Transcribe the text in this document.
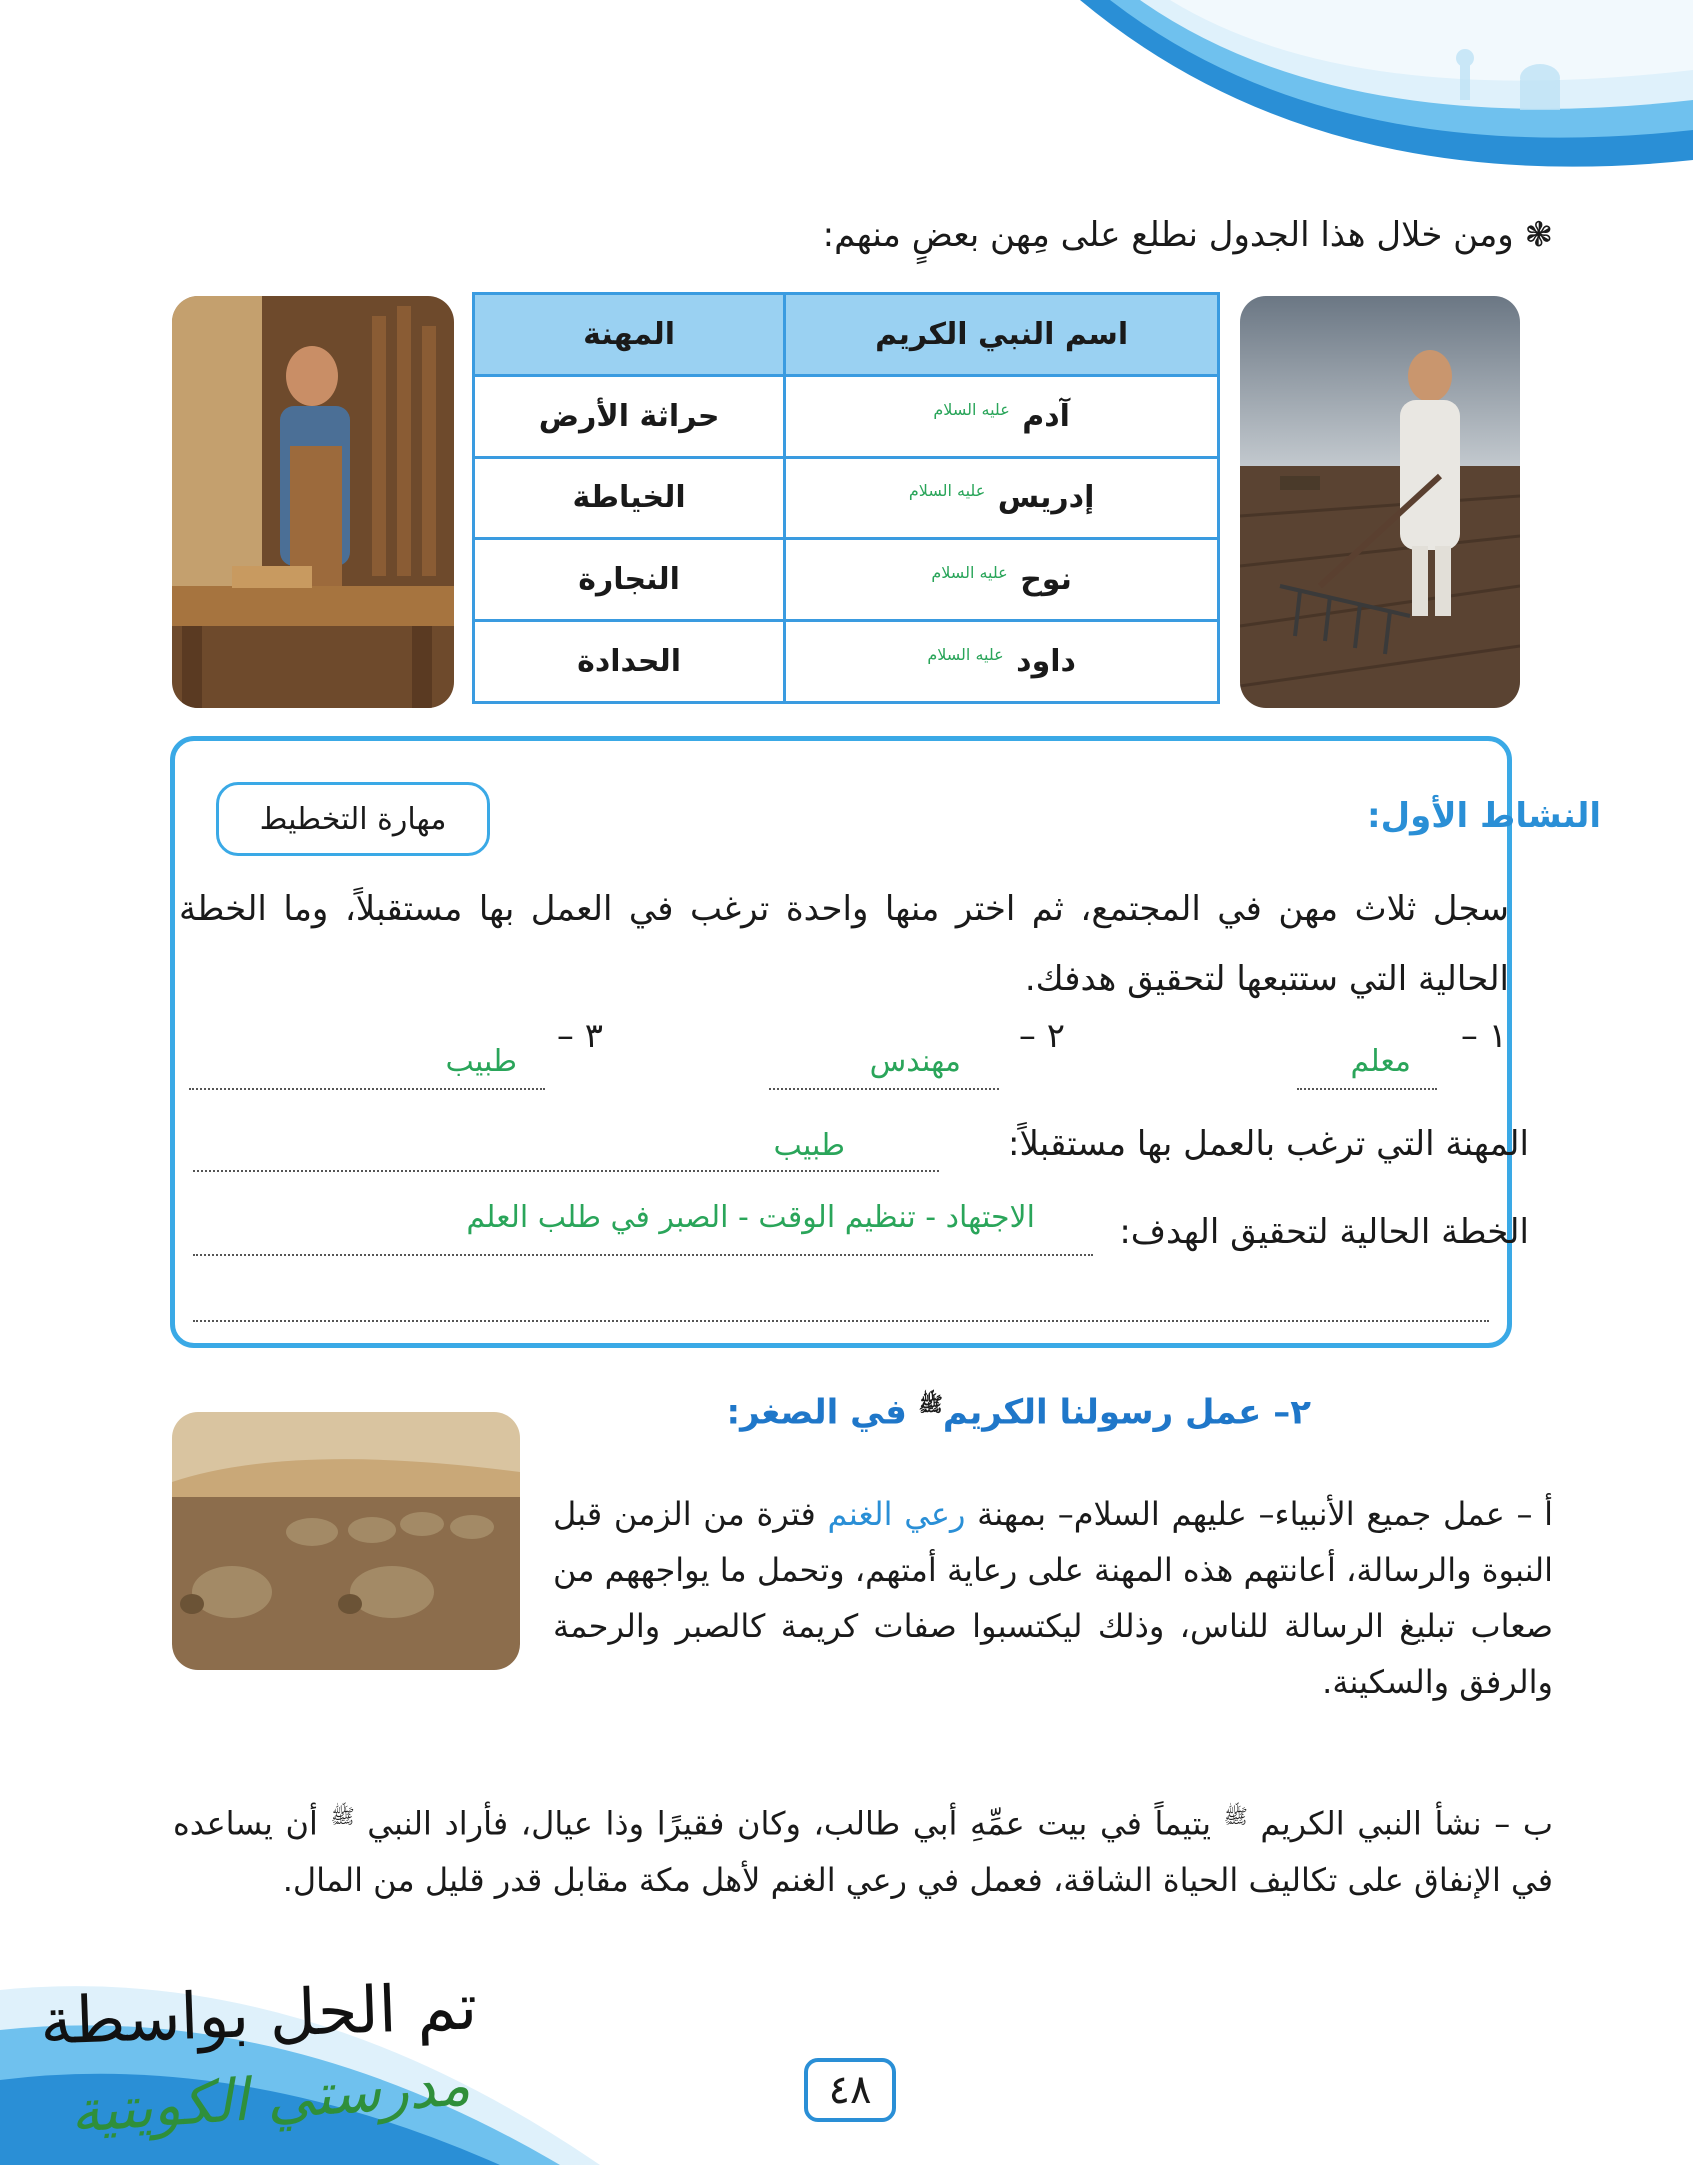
❃ ومن خلال هذا الجدول نطلع على مِهن بعضٍ منهم:
اسم النبي الكريم	المهنة
آدم $^{عليه السلام}$	حراثة الأرض
إدريس $^{عليه السلام}$	الخياطة
نوح $^{عليه السلام}$	النجارة
داود $^{عليه السلام}$	الحدادة
النشاط الأول:
مهارة التخطيط
سجل ثلاث مهن في المجتمع، ثم اختر منها واحدة ترغب في العمل بها مستقبلاً، وما الخطة الحالية التي ستتبعها لتحقيق هدفك.
١ –
معلم
٢ –
مهندس
٣ –
طبيب
المهنة التي ترغب بالعمل بها مستقبلاً:
طبيب
الخطة الحالية لتحقيق الهدف:
الاجتهاد - تنظيم الوقت - الصبر في طلب العلم
٢– عمل رسولنا الكريم$^ﷺ$ في الصغر:
أ – عمل جميع الأنبياء– عليهم السلام– بمهنة رعي الغنم فترة من الزمن قبل النبوة والرسالة، أعانتهم هذه المهنة على رعاية أمتهم، وتحمل ما يواجههم من صعاب تبليغ الرسالة للناس، وذلك ليكتسبوا صفات كريمة كالصبر والرحمة والرفق والسكينة.
ب – نشأ النبي الكريم $^ﷺ$ يتيماً في بيت عمِّهِ أبي طالب، وكان فقيرًا وذا عيال، فأراد النبي $^ﷺ$ أن يساعده في الإنفاق على تكاليف الحياة الشاقة، فعمل في رعي الغنم لأهل مكة مقابل قدر قليل من المال.
٤٨
تم الحل بواسطة
مدرستي الكويتية
